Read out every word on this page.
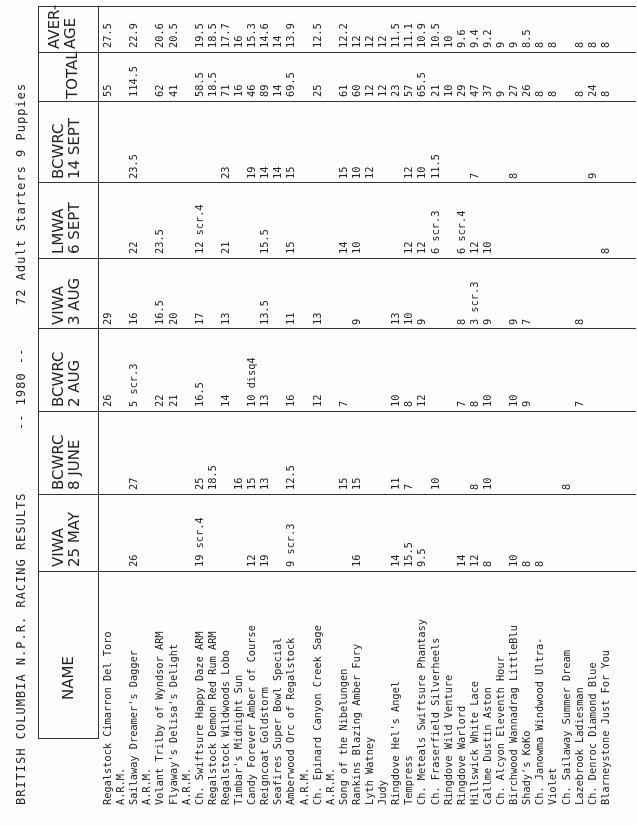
BRITISH COLUMBIA N.P.R. RACING RESULTS
-- 1980 --
72 Adult Starters 9 Puppies
NAME
VIWA
25 MAY
BCWRC
8 JUNE
BCWRC
2 AUG
VIWA
3 AUG
LMWA
6 SEPT
BCWRC
14 SEPT
TOTAL
AVER-
AGE
Regalstock Cimarron Del Toro
26
29
55
27.5
A.R.M. Sailaway Dreamer's Dagger
26
27
5 scr.3
16
22
23.5
114.5
22.9
A.R.M. Volant Trilby of Wyndsor ARM
22
16.5
23.5
62
20.6
Flyaway's Delisa's Delight
21
20
41
20.5
A.R.M. Ch. Swiftsure Happy Daze ARM
19 scr.4
25
16.5
17
12 scr.4
58.5
19.5
Regalstock Demon Red Rum ARM
18.5
18.5
18.5
Regalstock Wildwoods Lobo
14
13
21
23
71
17.7
Timbar's Midnight Sun
16
16
16
Candy Forever Amber of Course
12
15
10 disq4
19
46
15.3
Reigncoat Goldstorm
19
13
13
13.5
15.5
14
89
14.6
Seafires Super Bowl Special
14
14
14
Amberwood Orc of Regalstock
9 scr.3
12.5
16
11
15
15
69.5
13.9
A.R.M. Ch. Epinard Canyon Creek Sage
12
13
25
12.5
A.R.M. Song of the Nibelungen
15
7
14
15
61
12.2
Rankins Blazing Amber Fury
16
15
9
10
10
60
12
Lyth Watney
12
12
12
Judy
12
12
Ringdove Hel's Angel
14
11
10
13
23
11.5
Tempress
15.5
7
8
10
12
12
57
11.1
Ch. Meteals Swiftsure Phantasy
9.5
12
9
12
10
65.5
10.9
Ch. Fraserfield Silverheels
10
6 scr.3
11.5
21
10.5
Ringdove Wild Venture
10
10
Ringdove Warlord
14
7
8
6 scr.4
29
9.6
Hillswick White Lace
12
8
8
3 scr.3
12
7
47
9.4
Callme Dustin Aston
8
10
10
9
10
37
9.2
Ch. Alcyon Eleventh Hour
9
9
Birchwood Wannadrag LittleBlu
10
10
9
8
27
9
Shady's KoKo
8
9
7
26
8.5
Ch. Janowma Windwood Ultra-
8
8
8
Violet
8
8
Ch. Sailaway Summer Dream
8
Lazebrook Ladiesman
7
8
8
8
Ch. Denroc Diamond Blue
9
24
8
Blarneystone Just For You
8
8
8
